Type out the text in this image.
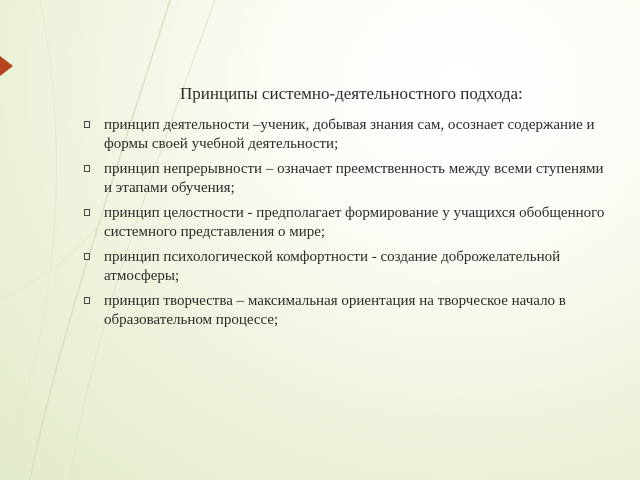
Принципы системно-деятельностного подхода:
принцип деятельности –ученик, добывая знания сам, осознает содержание и
формы своей учебной деятельности;
принцип непрерывности – означает преемственность между всеми ступенями
и этапами обучения;
принцип целостности - предполагает формирование у учащихся обобщенного
системного представления о мире;
принцип психологической комфортности - создание доброжелательной
атмосферы;
принцип творчества – максимальная ориентация на творческое начало в
образовательном процессе;
